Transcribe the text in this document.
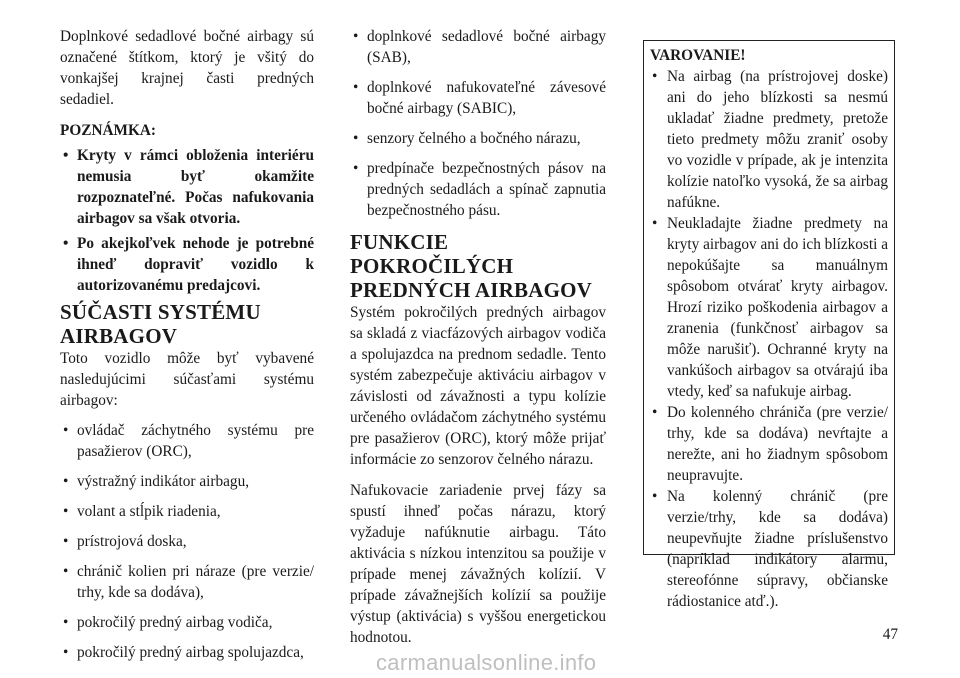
Doplnkové sedadlové bočné airbagy sú označené štítkom, ktorý je všitý do vonkajšej krajnej časti predných sedadiel.

POZNÁMKA:
• Kryty v rámci obloženia interiéru nemusia byť okamžite rozpoznateľné. Počas nafukovania airbagov sa však otvoria.
• Po akejkoľvek nehode je potrebné ihneď dopraviť vozidlo k autorizovanému predajcovi.
SÚČASTI SYSTÉMU AIRBAGOV

Toto vozidlo môže byť vybavené nasledujúcimi súčasťami systému airbagov:

• ovládač záchytného systému pre pasažierov (ORC),
• výstražný indikátor airbagu,
• volant a stĺpik riadenia,
• prístrojová doska,
• chránič kolien pri náraze (pre verzie/ trhy, kde sa dodáva),
• pokročilý predný airbag vodiča,
• pokročilý predný airbag spolujazdca,
• doplnkové sedadlové bočné airbagy (SAB),
• doplnkové nafukovateľné závesové bočné airbagy (SABIC),
• senzory čelného a bočného nárazu,
• predpínače bezpečnostných pásov na predných sedadlách a spínač zapnutia bezpečnostného pásu.
FUNKCIE POKROČILÝCH PREDNÝCH AIRBAGOV

Systém pokročilých predných airbagov sa skladá z viacfázových airbagov vodiča a spolujazdca na prednom sedadle. Tento systém zabezpečuje aktiváciu airbagov v závislosti od závažnosti a typu kolízie určeného ovládačom záchytného systému pre pasažierov (ORC), ktorý môže prijať informácie zo senzorov čelného nárazu.

Nafukovacie zariadenie prvej fázy sa spustí ihneď počas nárazu, ktorý vyžaduje nafúknutie airbagu. Táto aktivácia s nízkou intenzitou sa použije v prípade menej závažných kolízií. V prípade závažnejších kolízií sa použije výstup (aktivácia) s vyššou energetickou hodnotou.

VAROVANIE!
• Na airbag (na prístrojovej doske) ani do jeho blízkosti sa nesmú ukladať žiadne predmety, pretože tieto predmety môžu zraniť osoby vo vozidle v prípade, ak je intenzita kolízie natoľko vysoká, že sa airbag nafúkne.
• Neukladajte žiadne predmety na kryty airbagov ani do ich blízkosti a nepokúšajte sa manuálnym spôsobom otvárať kryty airbagov. Hrozí riziko poškodenia airbagov a zranenia (funkčnosť airbagov sa môže narušiť). Ochranné kryty na vankúšoch airbagov sa otvárajú iba vtedy, keď sa nafukuje airbag.
• Do kolenného chrániča (pre verzie/ trhy, kde sa dodáva) nevŕtajte a nerežte, ani ho žiadnym spôsobom neupravujte.
• Na kolenný chránič (pre verzie/trhy, kde sa dodáva) neupevňujte žiadne príslušenstvo (napríklad indikátory alarmu, stereofónne súpravy, občianske rádiostanice atď.).
47
carmanualsonline.info
